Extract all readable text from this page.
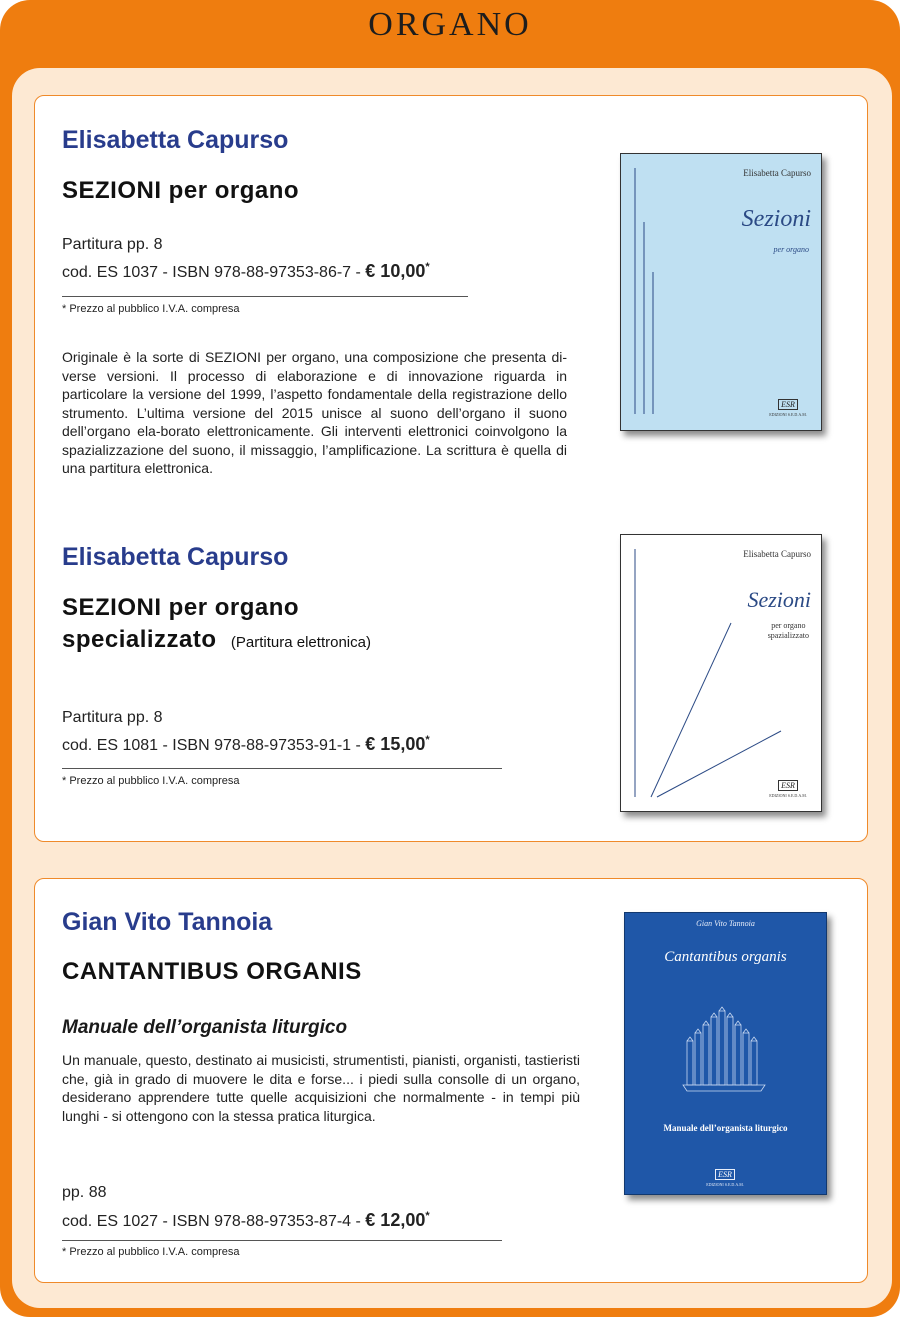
ORGANO
Elisabetta Capurso
SEZIONI per organo
Partitura pp. 8
cod. ES 1037 - ISBN 978-88-97353-86-7 - € 10,00*
* Prezzo al pubblico I.V.A. compresa
Originale è la sorte di SEZIONI per organo, una composizione che presenta di-verse versioni. Il processo di elaborazione e di innovazione riguarda in particolare la versione del 1999, l’aspetto fondamentale della registrazione dello strumento. L’ultima versione del 2015 unisce al suono dell’organo il suono dell’organo ela-borato elettronicamente. Gli interventi elettronici coinvolgono la spazializzazione del suono, il missaggio, l’amplificazione. La scrittura è quella di una partitura elettronica.
Elisabetta Capurso
Sezioni
per organo
ESR
EDIZIONI S.E.D.A.M.
Elisabetta Capurso
SEZIONI per organo
specializzato (Partitura elettronica)
Partitura pp. 8
cod. ES 1081 - ISBN 978-88-97353-91-1 - € 15,00*
* Prezzo al pubblico I.V.A. compresa
Elisabetta Capurso
Sezioni
per organo
spazializzato
ESR
EDIZIONI S.E.D.A.M.
Gian Vito Tannoia
CANTANTIBUS ORGANIS
Manuale dell’organista liturgico
Un manuale, questo, destinato ai musicisti, strumentisti, pianisti, organisti, tastieristi che, già in grado di muovere le dita e forse... i piedi sulla consolle di un organo, desiderano apprendere tutte quelle acquisizioni che normalmente - in tempi più lunghi - si ottengono con la stessa pratica liturgica.
pp. 88
cod. ES 1027 - ISBN 978-88-97353-87-4 - € 12,00*
* Prezzo al pubblico I.V.A. compresa
Gian Vito Tannoia
Cantantibus organis
Manuale dell’organista liturgico
ESR
EDIZIONI S.E.D.A.M.
